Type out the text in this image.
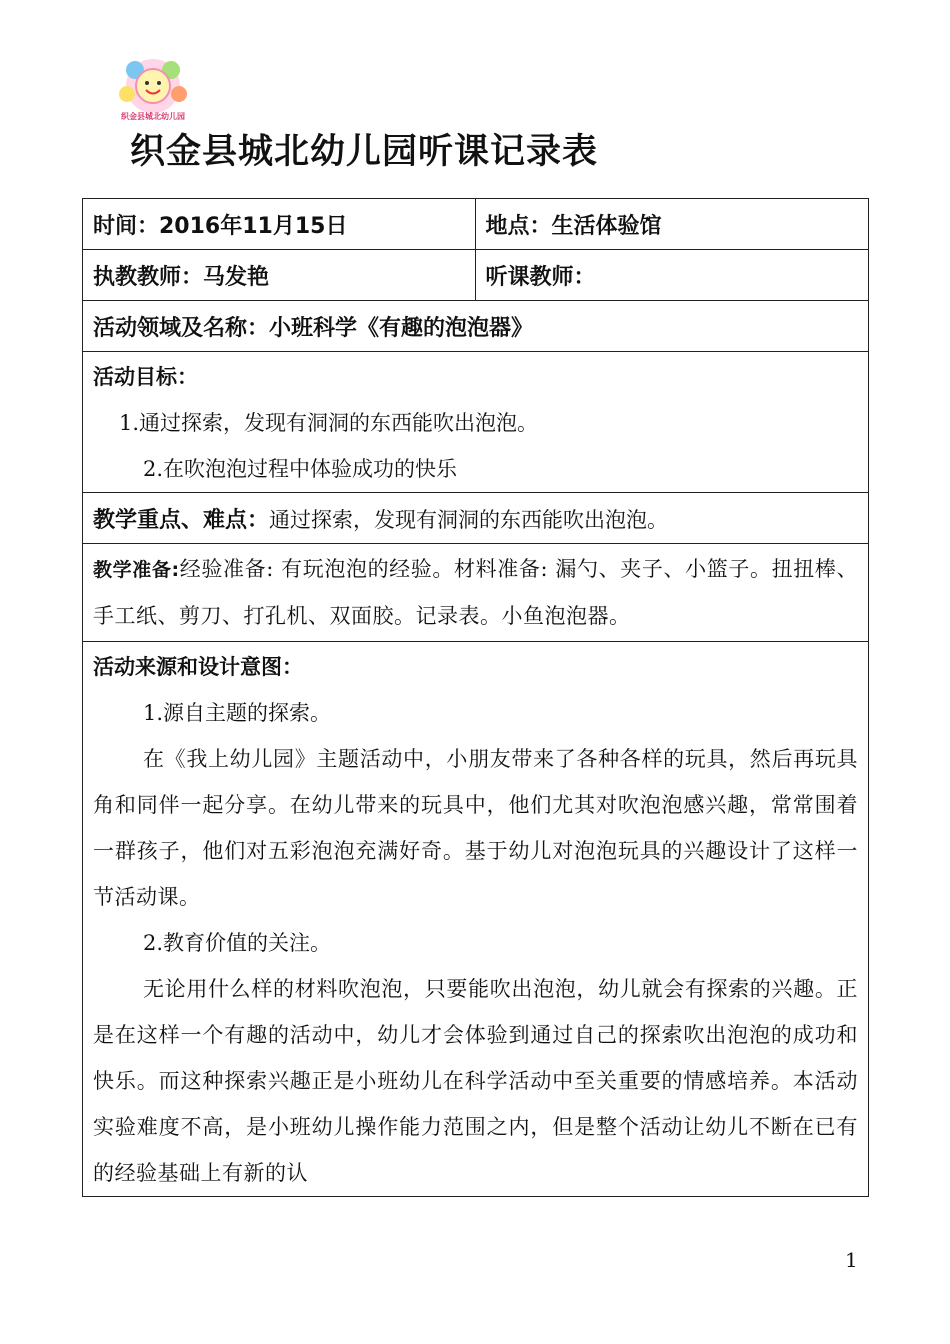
织金县城北幼儿园
织金县城北幼儿园听课记录表
时间：2016年11月15日	地点：生活体验馆
执教教师：马发艳	听课教师：
活动领域及名称：小班科学《有趣的泡泡器》	

活动目标：
1.通过探索，发现有洞洞的东西能吹出泡泡。
2.在吹泡泡过程中体验成功的快乐	

教学重点、难点：通过探索，发现有洞洞的东西能吹出泡泡。	

教学准备:经验准备: 有玩泡泡的经验。材料准备: 漏勺、夹子、小篮子。扭扭棒、手工纸、剪刀、打孔机、双面胶。记录表。小鱼泡泡器。	

活动来源和设计意图：
1.源自主题的探索。
在《我上幼儿园》主题活动中，小朋友带来了各种各样的玩具，然后再玩具角和同伴一起分享。在幼儿带来的玩具中，他们尤其对吹泡泡感兴趣，常常围着一群孩子，他们对五彩泡泡充满好奇。基于幼儿对泡泡玩具的兴趣设计了这样一节活动课。
2.教育价值的关注。
无论用什么样的材料吹泡泡，只要能吹出泡泡，幼儿就会有探索的兴趣。正是在这样一个有趣的活动中，幼儿才会体验到通过自己的探索吹出泡泡的成功和快乐。而这种探索兴趣正是小班幼儿在科学活动中至关重要的情感培养。本活动实验难度不高，是小班幼儿操作能力范围之内，但是整个活动让幼儿不断在已有的经验基础上有新的认	
1
